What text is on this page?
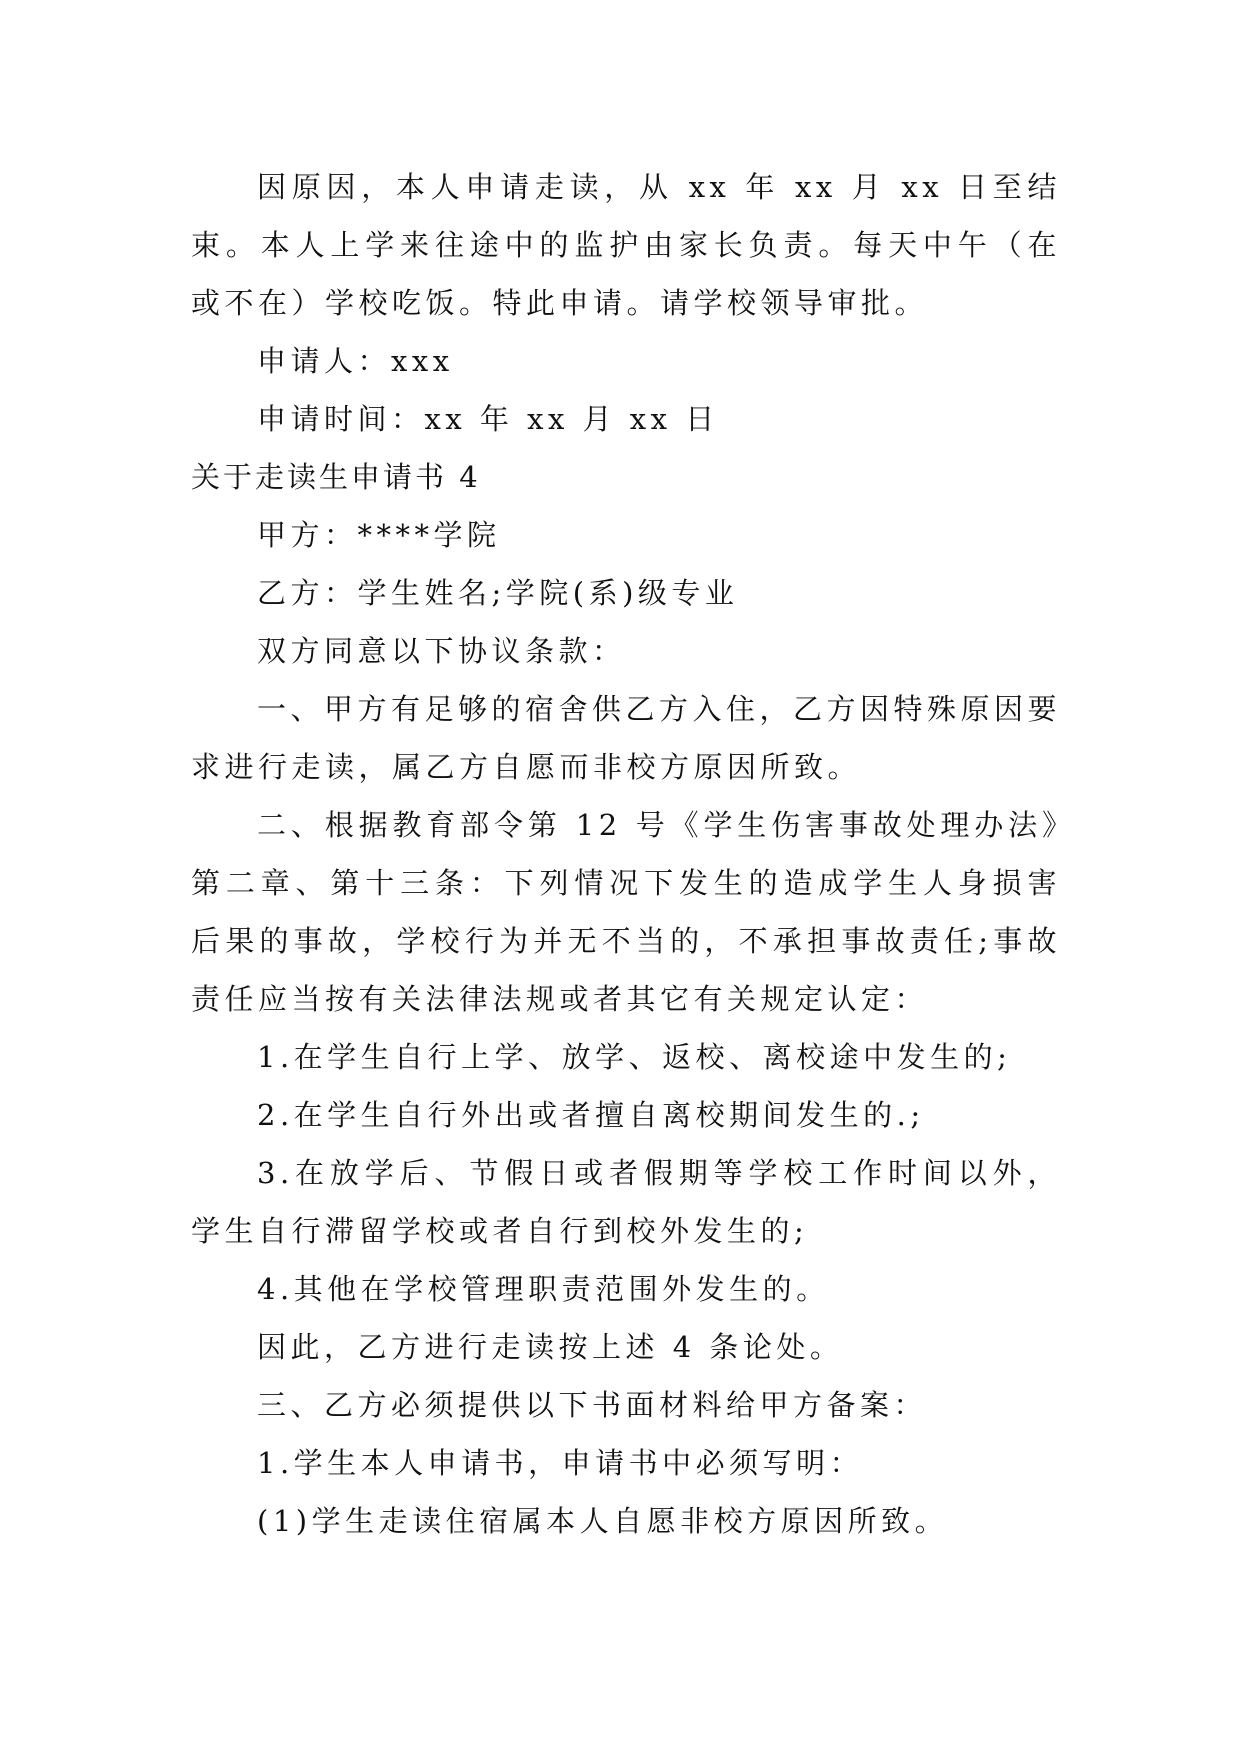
因原因，本人申请走读，从 xx 年 xx 月 xx 日至结束。本人上学来往途中的监护由家长负责。每天中午（在或不在）学校吃饭。特此申请。请学校领导审批。

申请人：xxx

申请时间：xx 年 xx 月 xx 日

关于走读生申请书 4

甲方：****学院

乙方：学生姓名;学院(系)级专业

双方同意以下协议条款：

一、甲方有足够的宿舍供乙方入住，乙方因特殊原因要求进行走读，属乙方自愿而非校方原因所致。

二、根据教育部令第 12 号《学生伤害事故处理办法》第二章、第十三条：下列情况下发生的造成学生人身损害后果的事故，学校行为并无不当的，不承担事故责任;事故责任应当按有关法律法规或者其它有关规定认定：

1.在学生自行上学、放学、返校、离校途中发生的;

2.在学生自行外出或者擅自离校期间发生的.;

3.在放学后、节假日或者假期等学校工作时间以外，学生自行滞留学校或者自行到校外发生的;

4.其他在学校管理职责范围外发生的。

因此，乙方进行走读按上述 4 条论处。

三、乙方必须提供以下书面材料给甲方备案：

1.学生本人申请书，申请书中必须写明：

(1)学生走读住宿属本人自愿非校方原因所致。
